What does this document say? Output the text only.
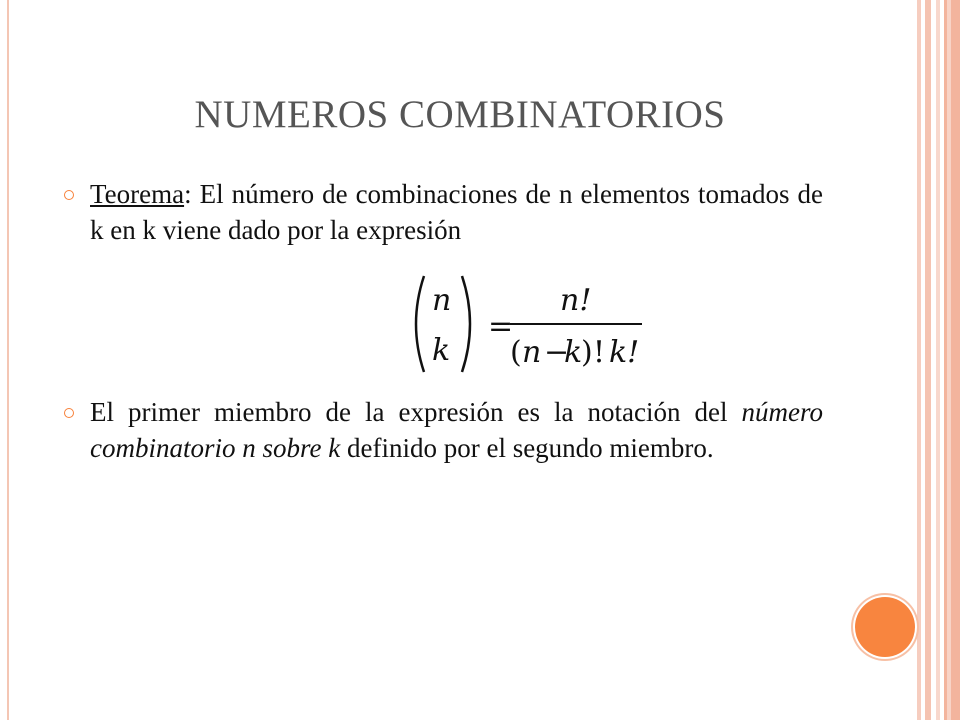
NUMEROS COMBINATORIOS
Teorema: El número de combinaciones de n elementos tomados de k en k viene dado por la expresión
n
k
=
n!
( n −
k
) ! k!
El primer miembro de la expresión es la notación del número combinatorio n sobre k definido por el segundo miembro.
